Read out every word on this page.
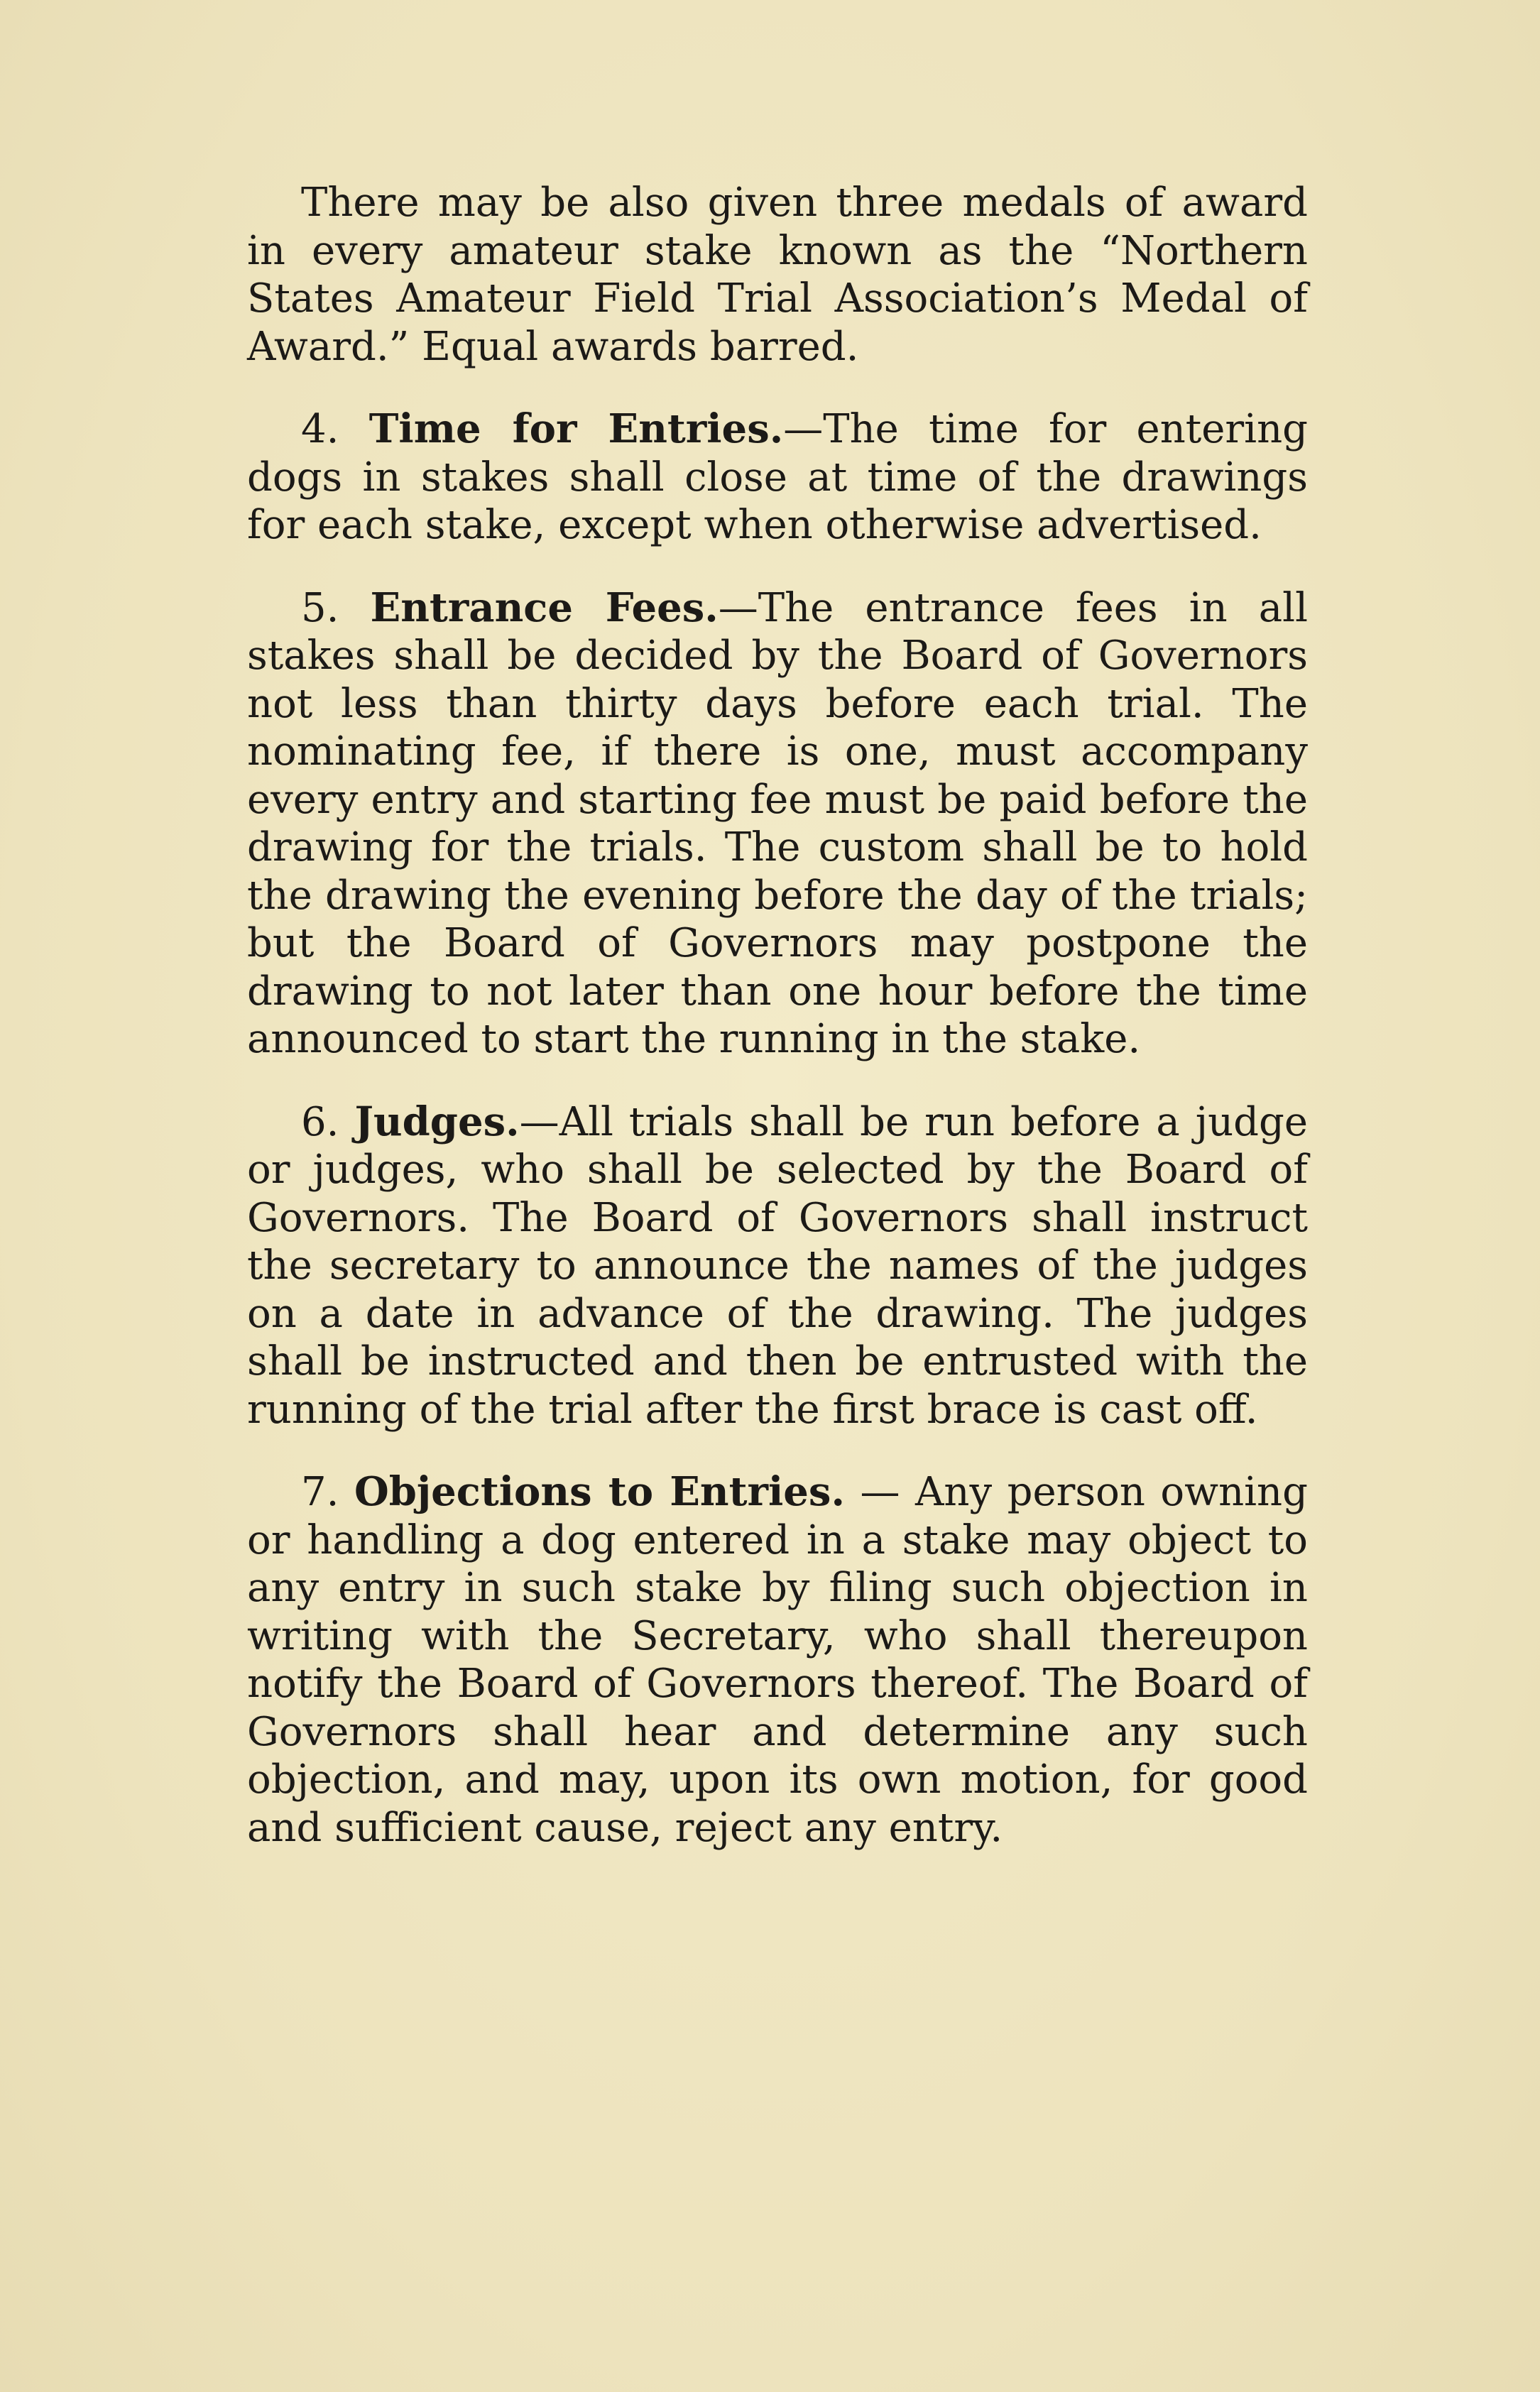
There may be also given three medals of award in every amateur stake known as the “Northern States Amateur Field Trial Association’s Medal of Award.” Equal awards barred.

4. Time for Entries.—The time for entering dogs in stakes shall close at time of the drawings for each stake, except when otherwise advertised.

5. Entrance Fees.—The entrance fees in all stakes shall be decided by the Board of Governors not less than thirty days before each trial. The nominating fee, if there is one, must accompany every entry and starting fee must be paid before the drawing for the trials. The custom shall be to hold the drawing the evening before the day of the trials; but the Board of Governors may postpone the drawing to not later than one hour before the time announced to start the running in the stake.

6. Judges.—All trials shall be run before a judge or judges, who shall be selected by the Board of Governors. The Board of Governors shall instruct the secretary to announce the names of the judges on a date in advance of the drawing. The judges shall be instructed and then be entrusted with the running of the trial after the first brace is cast off.

7. Objections to Entries. — Any person owning or handling a dog entered in a stake may object to any entry in such stake by filing such objection in writing with the Secretary, who shall thereupon notify the Board of Governors thereof. The Board of Governors shall hear and determine any such objection, and may, upon its own motion, for good and sufficient cause, reject any entry.
